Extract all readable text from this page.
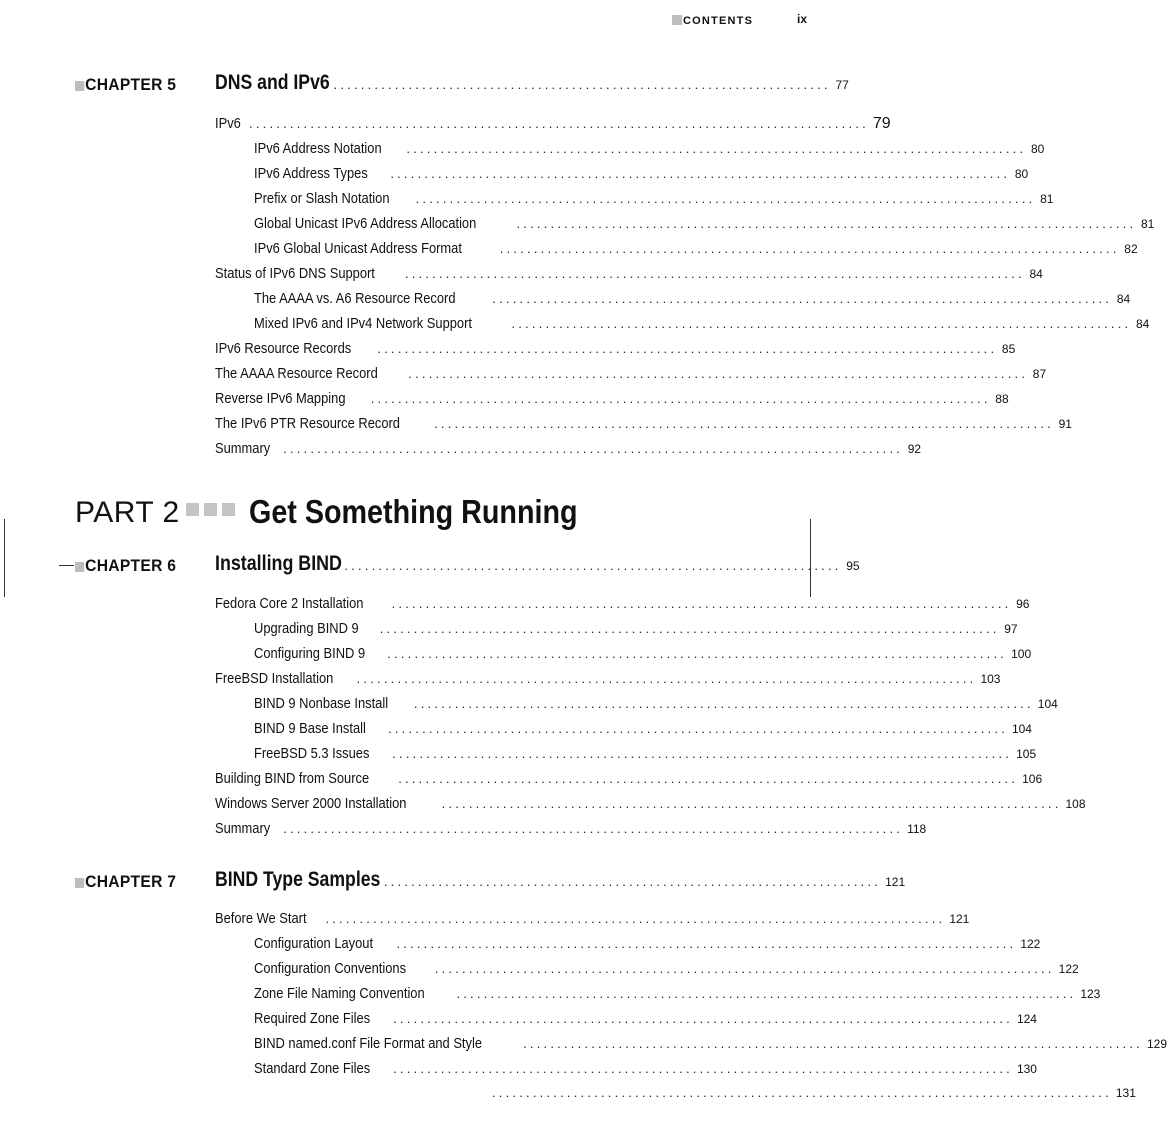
CONTENTS	ix
CHAPTER 5 DNS and IPv6 ......................................................................... 77
IPv6 ........................................................................................... 79
IPv6 Address Notation ........................................................................................... 80
IPv6 Address Types ........................................................................................... 80
Prefix or Slash Notation ........................................................................................... 81
Global Unicast IPv6 Address Allocation	........................................................................................... 81
IPv6 Global Unicast Address Format	........................................................................................... 82
Status of IPv6 DNS Support ........................................................................................... 84
The AAAA vs. A6 Resource Record	........................................................................................... 84
Mixed IPv6 and IPv4 Network Support	........................................................................................... 84
IPv6 Resource Records ........................................................................................... 85
The AAAA Resource Record ........................................................................................... 87
Reverse IPv6 Mapping ........................................................................................... 88
The IPv6 PTR Resource Record	........................................................................................... 91
Summary ........................................................................................... 92
PART 2 Get Something Running
CHAPTER 6 Installing BIND ......................................................................... 95
Fedora Core 2 Installation ........................................................................................... 96
Upgrading BIND 9 ........................................................................................... 97
Configuring BIND 9 ........................................................................................... 100
FreeBSD Installation ........................................................................................... 103
BIND 9 Nonbase Install ........................................................................................... 104
BIND 9 Base Install ........................................................................................... 104
FreeBSD 5.3 Issues ........................................................................................... 105
Building BIND from Source ........................................................................................... 106
Windows Server 2000 Installation	........................................................................................... 108
Summary ........................................................................................... 118
CHAPTER 7 BIND Type Samples ......................................................................... 121
Before We Start ........................................................................................... 121
Configuration Layout ........................................................................................... 122
Configuration Conventions ........................................................................................... 122
Zone File Naming Convention ........................................................................................... 123
Required Zone Files ........................................................................................... 124
BIND named.conf File Format and Style	........................................................................................... 129
Standard Zone Files ........................................................................................... 130
........................................................................................... 131
